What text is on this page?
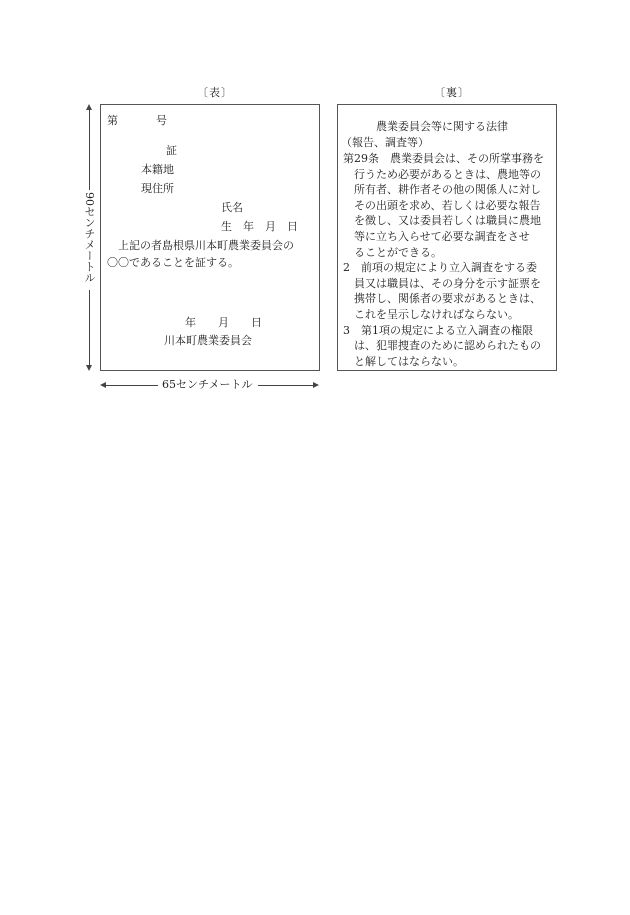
〔表〕	〔裏〕
第	号
証
本籍地
現住所
氏名
生　年　月　日
上記の者島根県川本町農業委員会の
〇〇であることを証する。
年　　月　　日
川本町農業委員会
農業委員会等に関する法律
（報告、調査等）
第29条　農業委員会は、その所掌事務を
　行うため必要があるときは、農地等の
　所有者、耕作者その他の関係人に対し
　その出頭を求め、若しくは必要な報告
　を徴し、又は委員若しくは職員に農地
　等に立ち入らせて必要な調査をさせ
　ることができる。
2　前項の規定により立入調査をする委
　員又は職員は、その身分を示す証票を
　携帯し、関係者の要求があるときは、
　これを呈示しなければならない。
3　第1項の規定による立入調査の権限
　は、犯罪捜査のために認められたもの
　と解してはならない。
90センチメートル
65センチメートル
